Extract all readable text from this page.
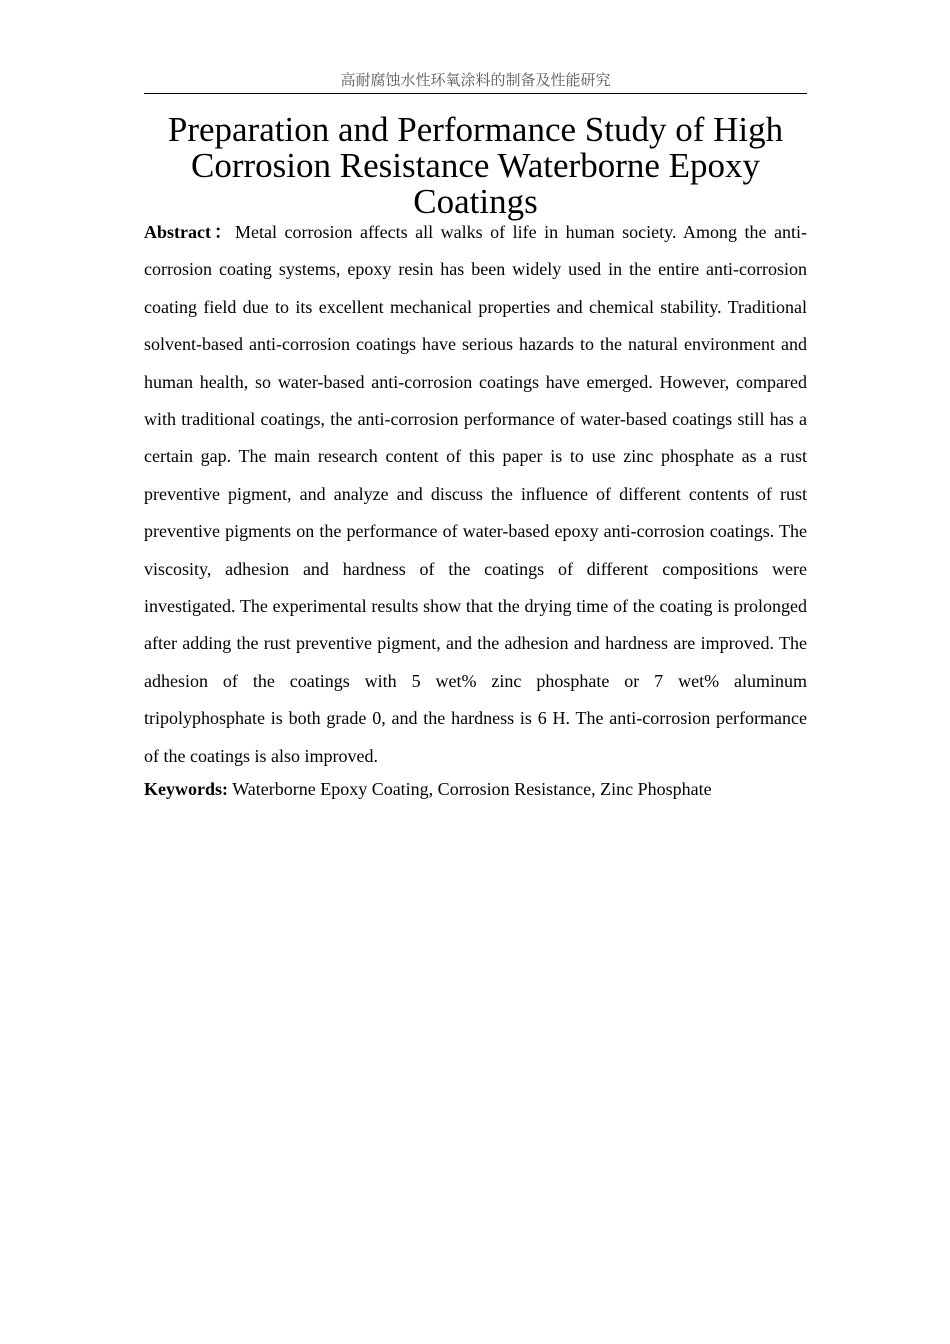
高耐腐蚀水性环氧涂料的制备及性能研究
Preparation and Performance Study of High Corrosion Resistance Waterborne Epoxy Coatings

Abstract：Metal corrosion affects all walks of life in human society. Among the anti-corrosion coating systems, epoxy resin has been widely used in the entire anti-corrosion coating field due to its excellent mechanical properties and chemical stability. Traditional solvent-based anti-corrosion coatings have serious hazards to the natural environment and human health, so water-based anti-corrosion coatings have emerged. However, compared with traditional coatings, the anti-corrosion performance of water-based coatings still has a certain gap. The main research content of this paper is to use zinc phosphate as a rust preventive pigment, and analyze and discuss the influence of different contents of rust preventive pigments on the performance of water-based epoxy anti-corrosion coatings. The viscosity, adhesion and hardness of the coatings of different compositions were investigated. The experimental results show that the drying time of the coating is prolonged after adding the rust preventive pigment, and the adhesion and hardness are improved. The adhesion of the coatings with 5 wet% zinc phosphate or 7 wet% aluminum tripolyphosphate is both grade 0, and the hardness is 6 H. The anti-corrosion performance of the coatings is also improved.

Keywords: Waterborne Epoxy Coating, Corrosion Resistance, Zinc Phosphate
